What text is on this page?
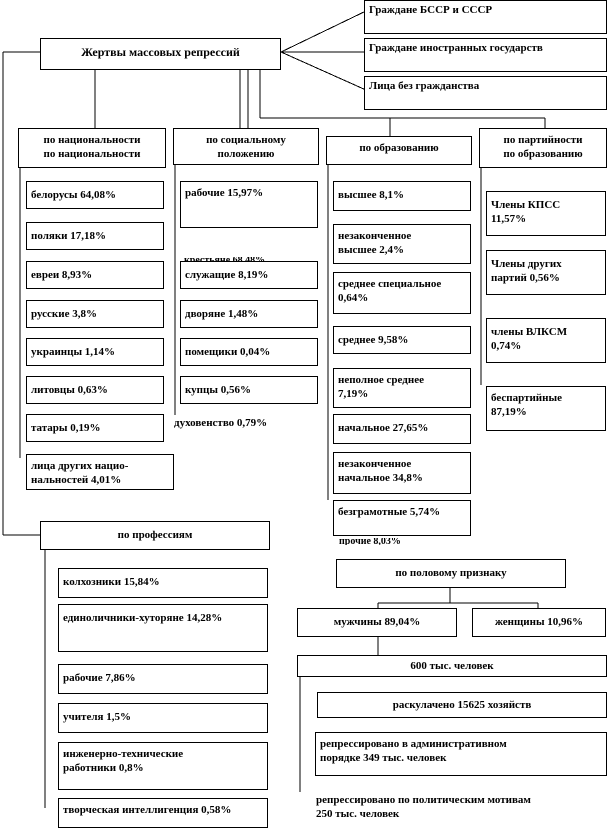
Жертвы массовых репрессий
Граждане БССР и СССР
Граждане иностранных государств
Лица без гражданства
по национальности
по национальности
белорусы 64,08%
поляки 17,18%
евреи 8,93%
русские 3,8%
украинцы 1,14%
литовцы 0,63%
татары 0,19%
лица других нацио-
нальностей 4,01%
по социальному
положению
рабочие 15,97%
служащие 8,19%
дворяне 1,48%
помещики 0,04%
купцы 0,56%
духовенство 0,79%
по образованию
высшее 8,1%
незаконченное
высшее 2,4%
среднее специальное
0,64%
среднее 9,58%
неполное среднее
7,19%
начальное 27,65%
незаконченное
начальное 34,8%
безграмотные 5,74%
прочие 8,03%
по партийности
по образованию
Члены КПСС
11,57%
Члены других
партий 0,56%
члены ВЛКСМ
0,74%
беспартийные
87,19%
по профессиям
колхозники 15,84%
единоличники-хуторяне 14,28%
рабочие 7,86%
учителя 1,5%
инженерно-технические
работники 0,8%
творческая интеллигенция 0,58%
по половому признаку
мужчины 89,04%	женщины 10,96%
600 тыс. человек
раскулачено 15625 хозяйств
репрессировано в административном
порядке 349 тыс. человек
репрессировано по политическим мотивам
250 тыс. человек
